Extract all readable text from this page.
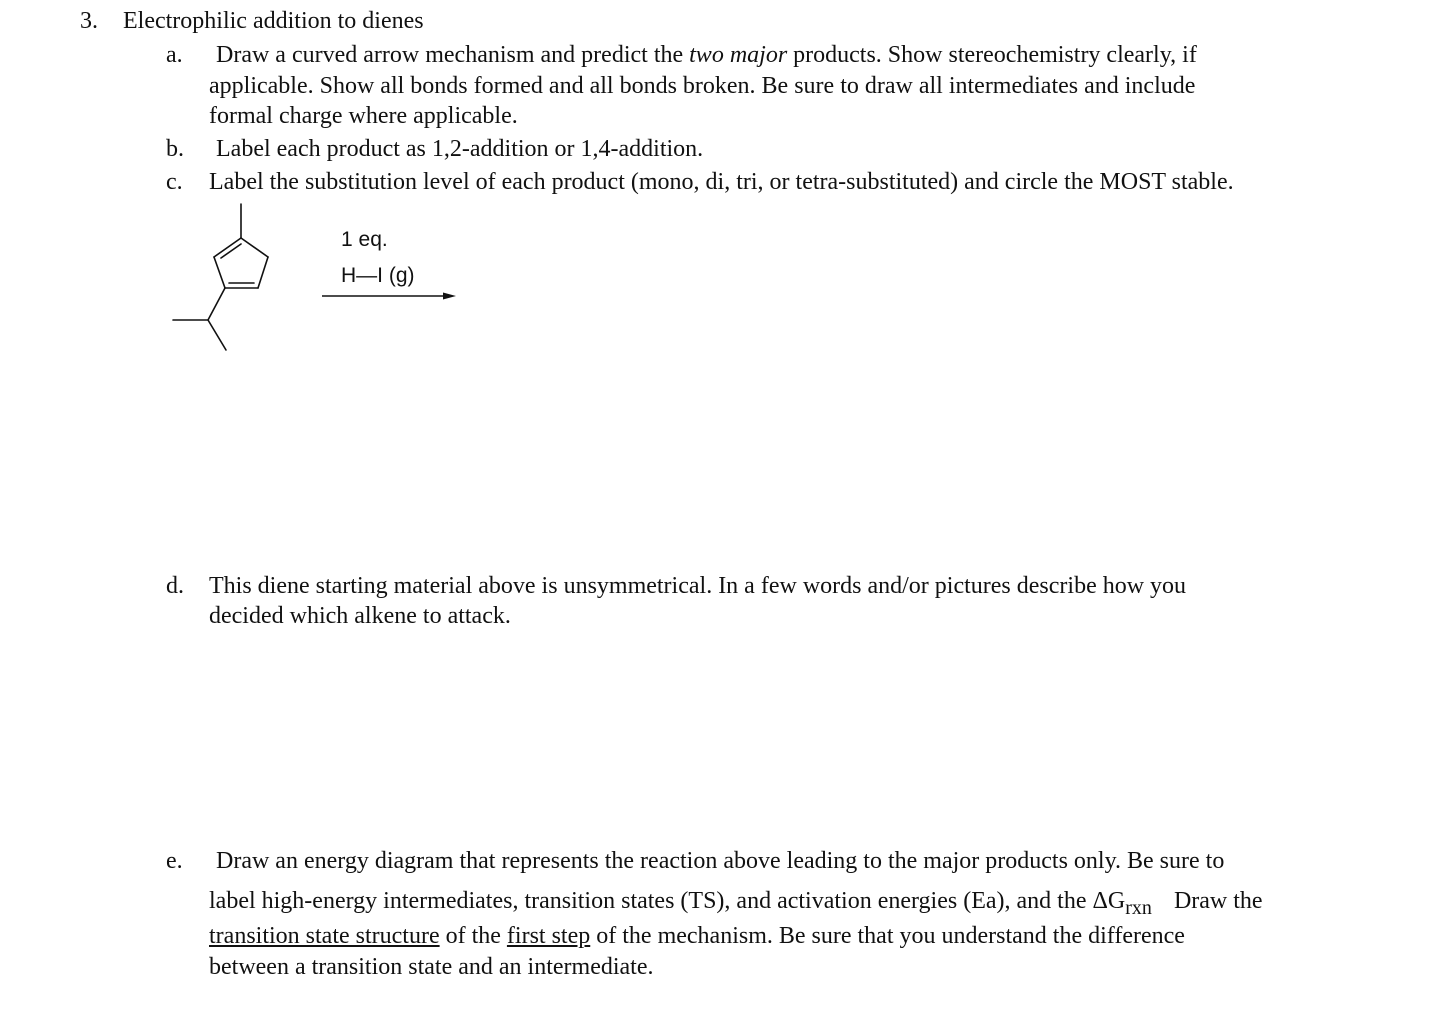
3. Electrophilic addition to dienes
a. Draw a curved arrow mechanism and predict the two major products. Show stereochemistry clearly, if
applicable. Show all bonds formed and all bonds broken. Be sure to draw all intermediates and include
formal charge where applicable.
b. Label each product as 1,2-addition or 1,4-addition.
c. Label the substitution level of each product (mono, di, tri, or tetra-substituted) and circle the MOST stable.
1 eq.
H—I (g)
d. This diene starting material above is unsymmetrical. In a few words and/or pictures describe how you
decided which alkene to attack.
e. Draw an energy diagram that represents the reaction above leading to the major products only. Be sure to
label high-energy intermediates, transition states (TS), and activation energies (Ea), and the $\Delta G_{rxn}$ Draw the
transition state structure of the first step of the mechanism. Be sure that you understand the difference
between a transition state and an intermediate.
